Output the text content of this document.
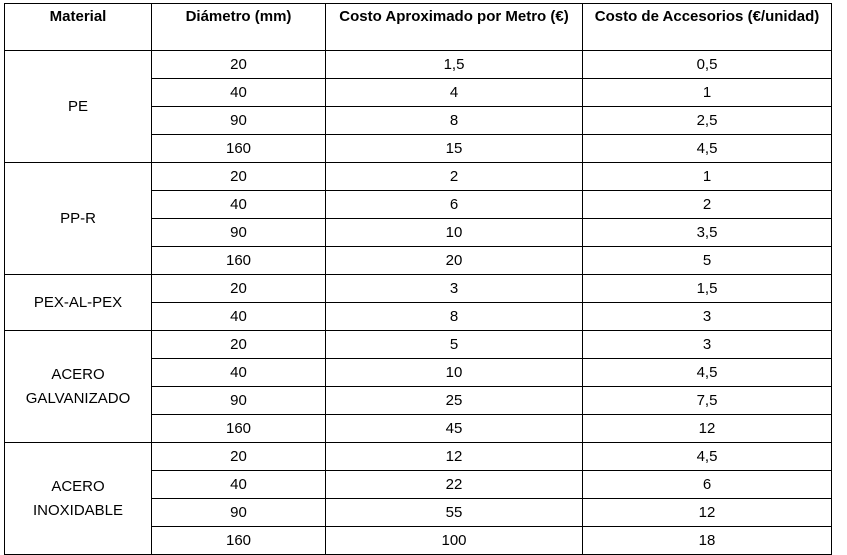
Material	Diámetro (mm)	Costo Aproximado por Metro (€)	Costo de Accesorios (€/unidad)
PE	20	1,5	0,5
	40	4	1
	90	8	2,5
	160	15	4,5
PP-R	20	2	1
	40	6	2
	90	10	3,5
	160	20	5
PEX-AL-PEX	20	3	1,5
	40	8	3
ACERO GALVANIZADO	20	5	3
	40	10	4,5
	90	25	7,5
	160	45	12
ACERO INOXIDABLE	20	12	4,5
	40	22	6
	90	55	12
	160	100	18
